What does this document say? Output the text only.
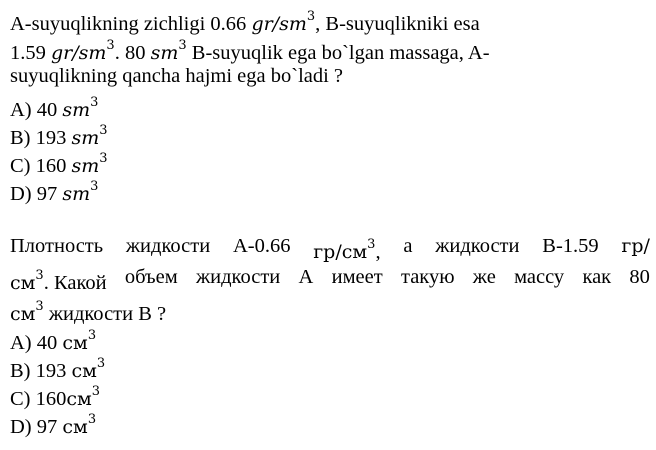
A-suyuqlikning zichligi 0.66 $gr/sm^3$, B-suyuqlikniki esa
1.59 $gr/sm^3$. 80 $sm^3$ B-suyuqlik ega bo`lgan massaga, A-
suyuqlikning qancha hajmi ega bo`ladi ?
A) 40 $sm^3$
B) 193 $sm^3$
C) 160 $sm^3$
D) 97 $sm^3$
Плотность жидкости А-0.66 $гр/см^3$, а жидкости В-1.59 гр/
$см^3$. Какой объем жидкости А имеет такую же массу как 80
$см^3$ жидкости В ?
A) 40 $см^3$
B) 193 $см^3$
C) $160см^3$
D) 97 $см^3$
